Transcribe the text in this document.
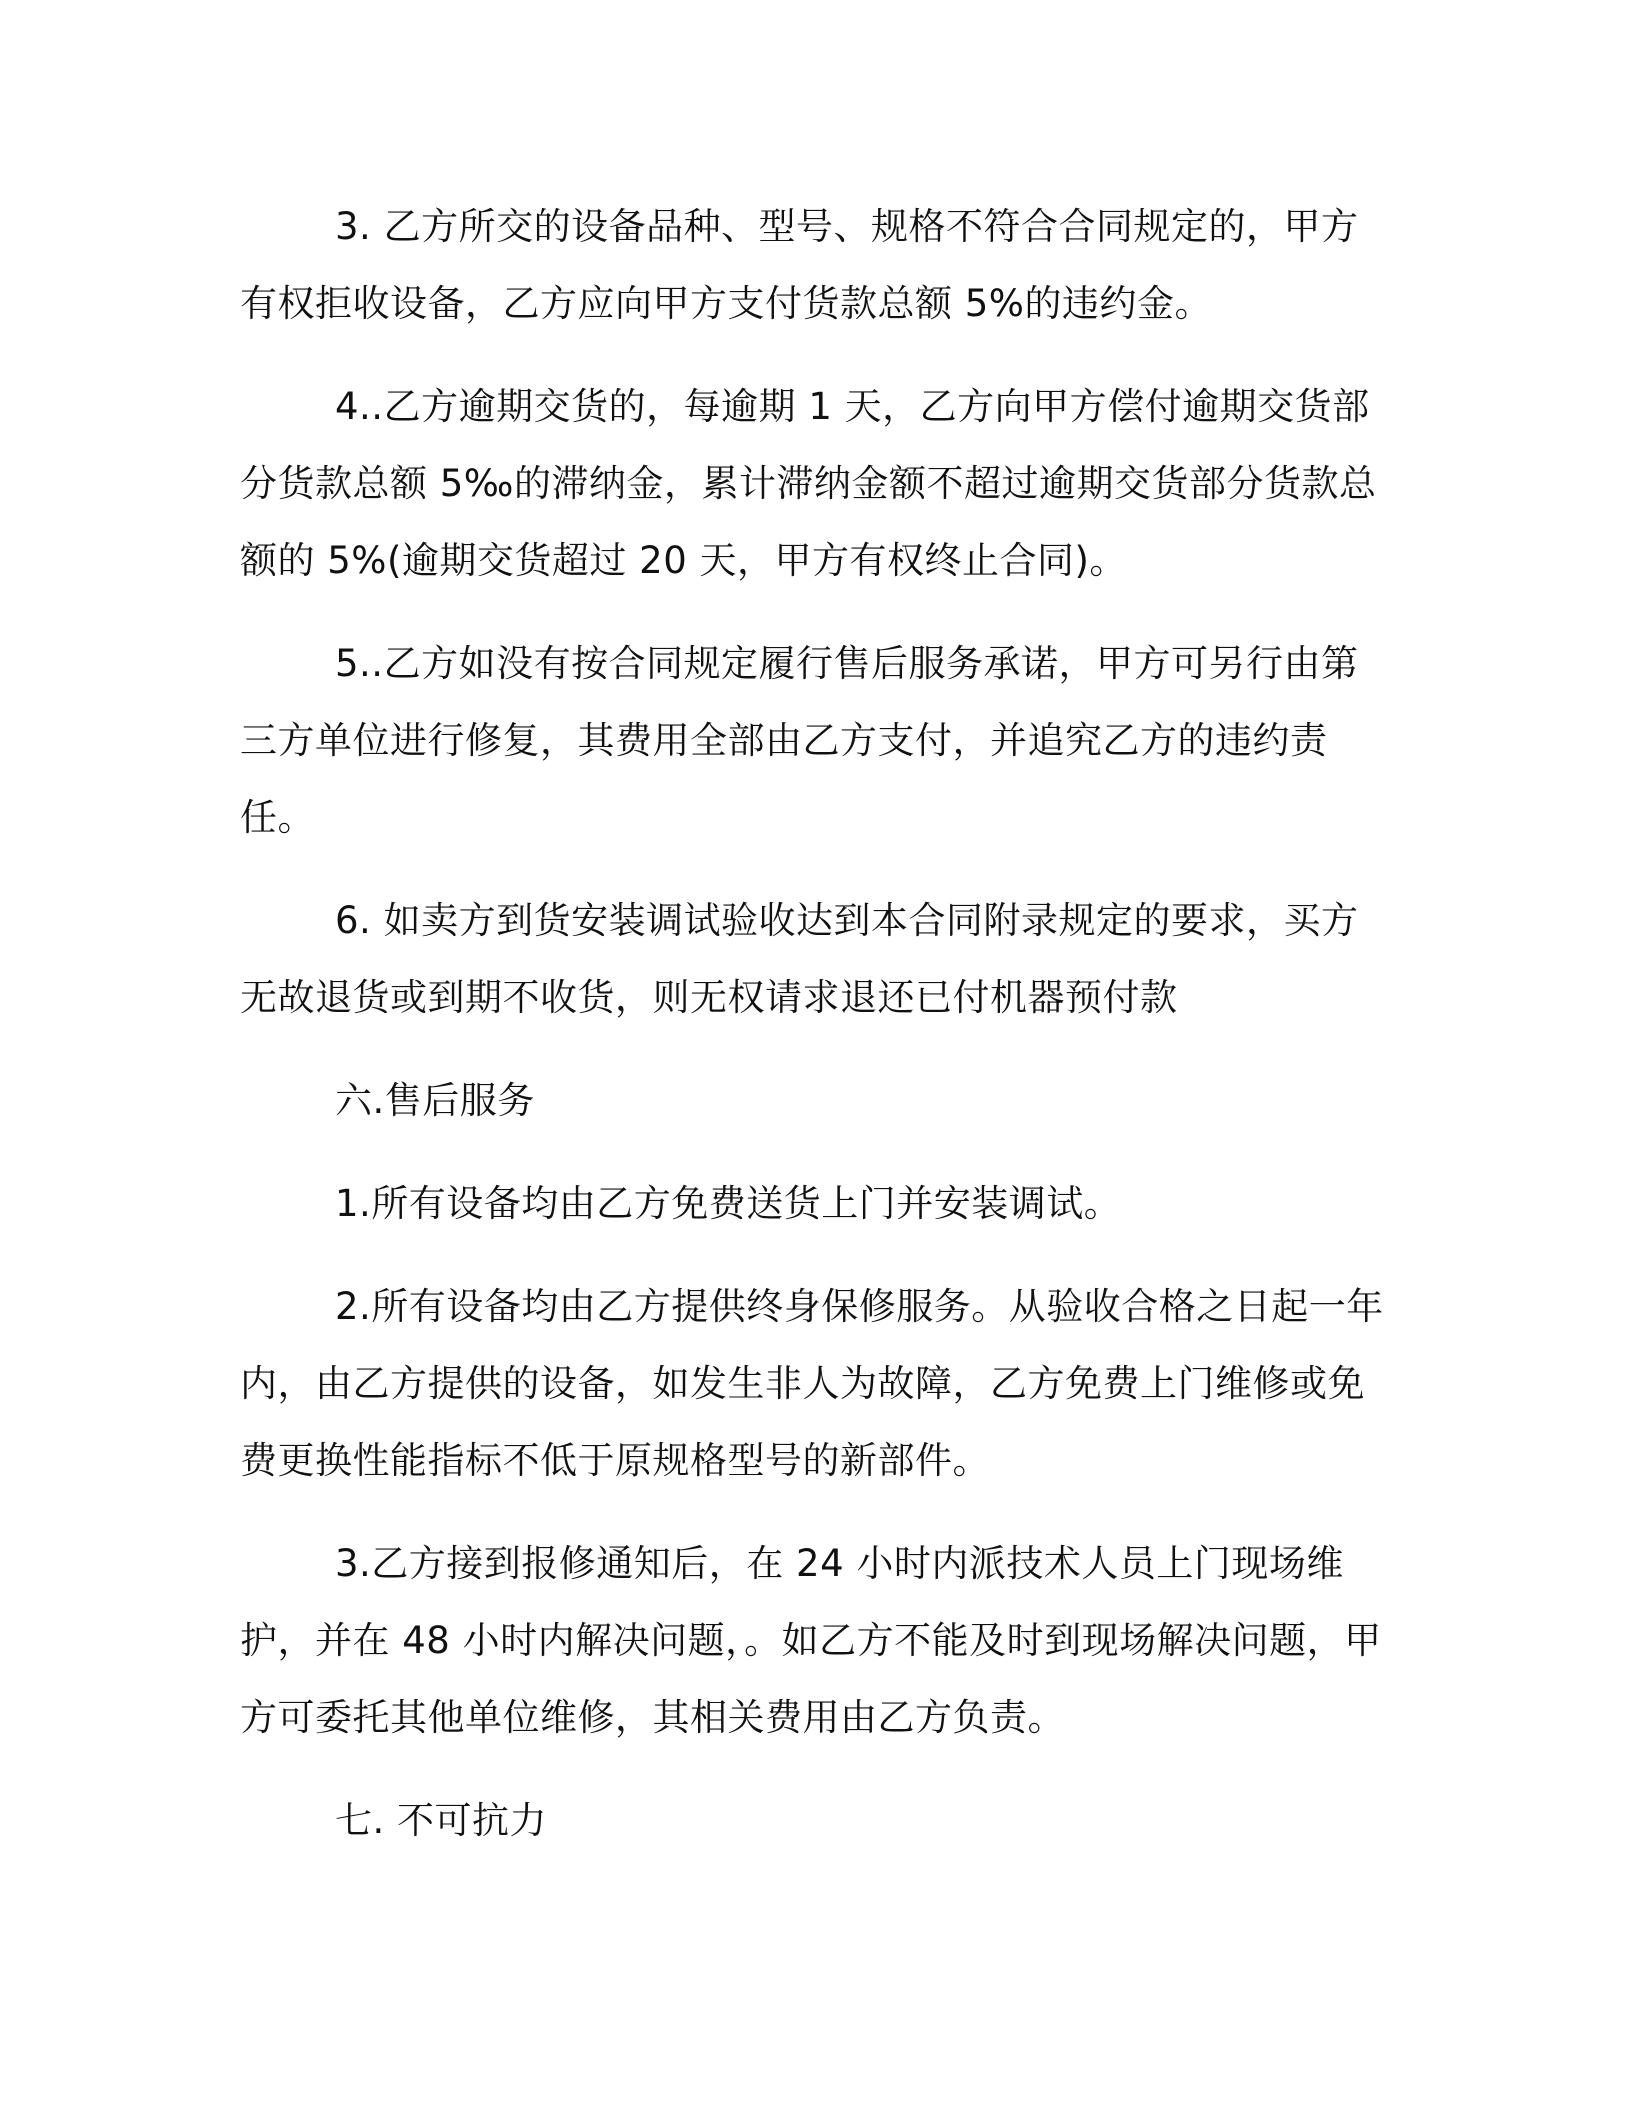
3. 乙方所交的设备品种、型号、规格不符合合同规定的，甲方有权拒收设备，乙方应向甲方支付货款总额 5%的违约金。

4..乙方逾期交货的，每逾期 1 天，乙方向甲方偿付逾期交货部分货款总额 5‰的滞纳金，累计滞纳金额不超过逾期交货部分货款总额的 5%(逾期交货超过 20 天，甲方有权终止合同)。

5..乙方如没有按合同规定履行售后服务承诺，甲方可另行由第三方单位进行修复，其费用全部由乙方支付，并追究乙方的违约责任。

6. 如卖方到货安装调试验收达到本合同附录规定的要求，买方无故退货或到期不收货，则无权请求退还已付机器预付款

六.售后服务

1.所有设备均由乙方免费送货上门并安装调试。

2.所有设备均由乙方提供终身保修服务。从验收合格之日起一年内，由乙方提供的设备，如发生非人为故障，乙方免费上门维修或免费更换性能指标不低于原规格型号的新部件。

3.乙方接到报修通知后，在 24 小时内派技术人员上门现场维护，并在 48 小时内解决问题，。如乙方不能及时到现场解决问题，甲方可委托其他单位维修，其相关费用由乙方负责。

七. 不可抗力
